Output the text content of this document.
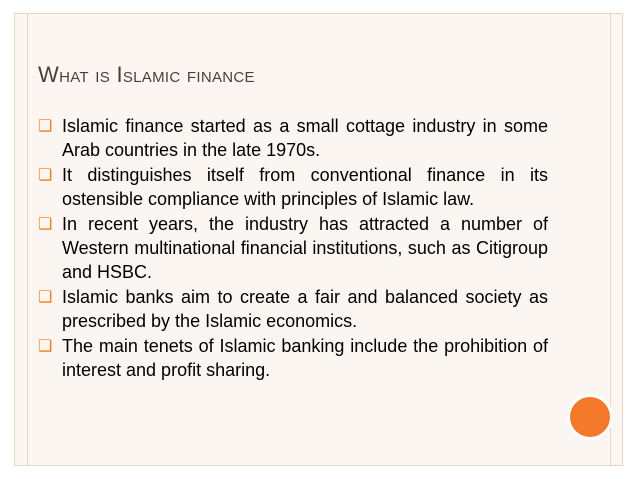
What is Islamic finance
❏ Islamic finance started as a small cottage industry in some Arab countries in the late 1970s.
❏ It distinguishes itself from conventional finance in its ostensible compliance with principles of Islamic law.
❏ In recent years, the industry has attracted a number of Western multinational financial institutions, such as Citigroup and HSBC.
❏ Islamic banks aim to create a fair and balanced society as prescribed by the Islamic economics.
❏ The main tenets of Islamic banking include the prohibition of interest and profit sharing.
